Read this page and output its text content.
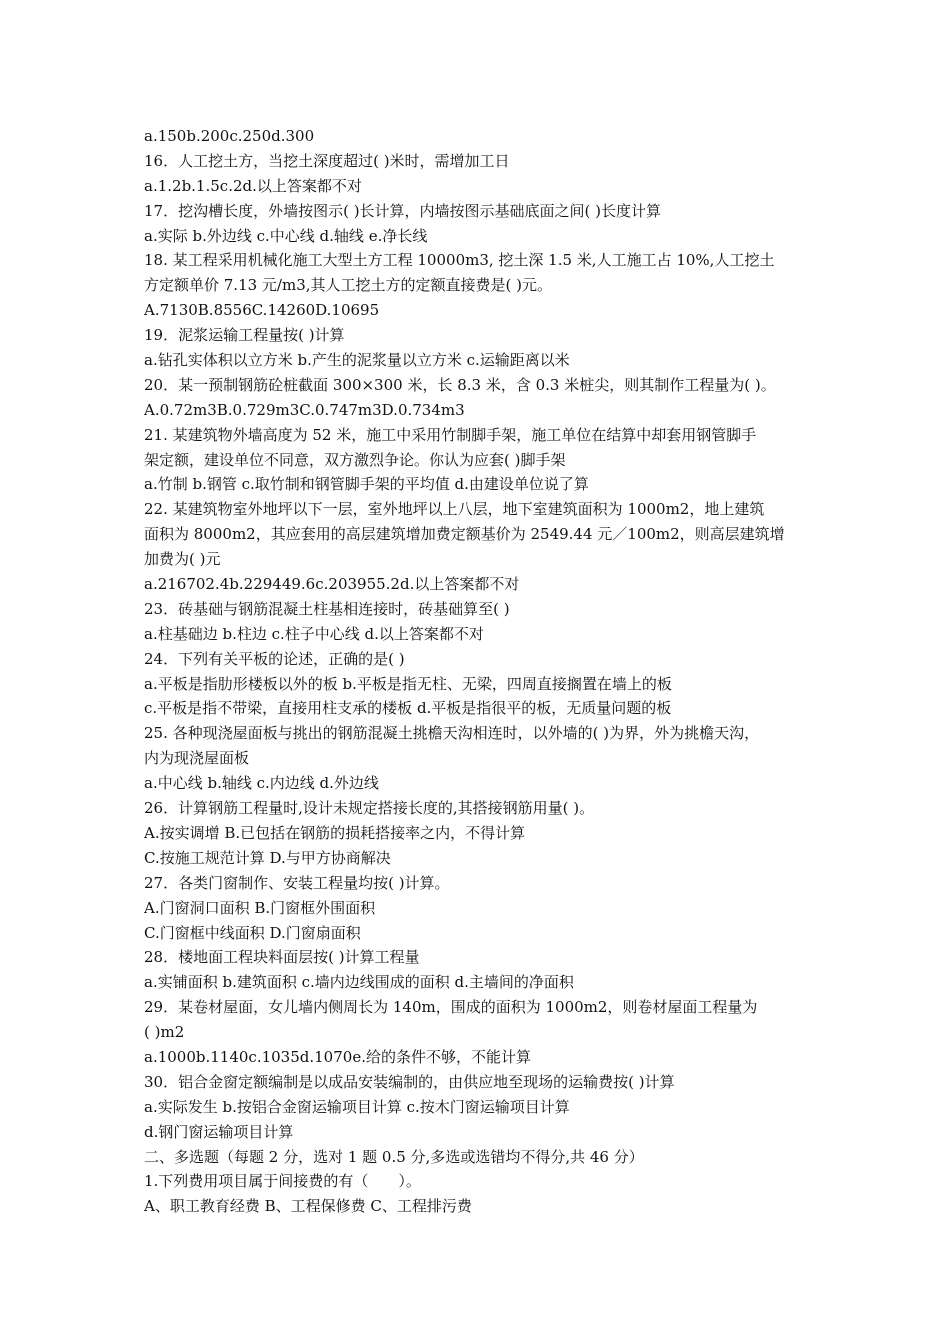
a.150b.200c.250d.300
16．人工挖土方，当挖土深度超过( )米时，需增加工日
a.1.2b.1.5c.2d.以上答案都不对
17．挖沟槽长度，外墙按图示( )长计算，内墙按图示基础底面之间( )长度计算
a.实际 b.外边线 c.中心线 d.轴线 e.净长线
18. 某工程采用机械化施工大型土方工程 10000m3, 挖土深 1.5 米,人工施工占 10%,人工挖土
方定额单价 7.13 元/m3,其人工挖土方的定额直接费是( )元。
A.7130B.8556C.14260D.10695
19．泥浆运输工程量按( )计算
a.钻孔实体积以立方米 b.产生的泥浆量以立方米 c.运输距离以米
20．某一预制钢筋砼桩截面 300×300 米，长 8.3 米，含 0.3 米桩尖，则其制作工程量为( )。
A.0.72m3B.0.729m3C.0.747m3D.0.734m3
21. 某建筑物外墙高度为 52 米，施工中采用竹制脚手架，施工单位在结算中却套用钢管脚手
架定额，建设单位不同意，双方激烈争论。你认为应套( )脚手架
a.竹制 b.钢管 c.取竹制和钢管脚手架的平均值 d.由建设单位说了算
22. 某建筑物室外地坪以下一层，室外地坪以上八层，地下室建筑面积为 1000m2，地上建筑
面积为 8000m2，其应套用的高层建筑增加费定额基价为 2549.44 元／100m2，则高层建筑增
加费为( )元
a.216702.4b.229449.6c.203955.2d.以上答案都不对
23．砖基础与钢筋混凝土柱基相连接时，砖基础算至( )
a.柱基础边 b.柱边 c.柱子中心线 d.以上答案都不对
24．下列有关平板的论述，正确的是( )
a.平板是指肋形楼板以外的板 b.平板是指无柱、无梁，四周直接搁置在墙上的板
c.平板是指不带梁，直接用柱支承的楼板 d.平板是指很平的板，无质量问题的板
25. 各种现浇屋面板与挑出的钢筋混凝土挑檐天沟相连时，以外墙的( )为界，外为挑檐天沟，
内为现浇屋面板
a.中心线 b.轴线 c.内边线 d.外边线
26．计算钢筋工程量时,设计未规定搭接长度的,其搭接钢筋用量( )。
A.按实调增 B.已包括在钢筋的损耗搭接率之内，不得计算
C.按施工规范计算 D.与甲方协商解决
27．各类门窗制作、安装工程量均按( )计算。
A.门窗洞口面积 B.门窗框外围面积
C.门窗框中线面积 D.门窗扇面积
28．楼地面工程块料面层按( )计算工程量
a.实铺面积 b.建筑面积 c.墙内边线围成的面积 d.主墙间的净面积
29．某卷材屋面，女儿墙内侧周长为 140m，围成的面积为 1000m2，则卷材屋面工程量为
( )m2
a.1000b.1140c.1035d.1070e.给的条件不够，不能计算
30．铝合金窗定额编制是以成品安装编制的，由供应地至现场的运输费按( )计算
a.实际发生 b.按铝合金窗运输项目计算 c.按木门窗运输项目计算
d.钢门窗运输项目计算
二、多选题（每题 2 分，选对 1 题 0.5 分,多选或选错均不得分,共 46 分）
1.下列费用项目属于间接费的有（　　）。
A、职工教育经费 B、工程保修费 C、工程排污费
